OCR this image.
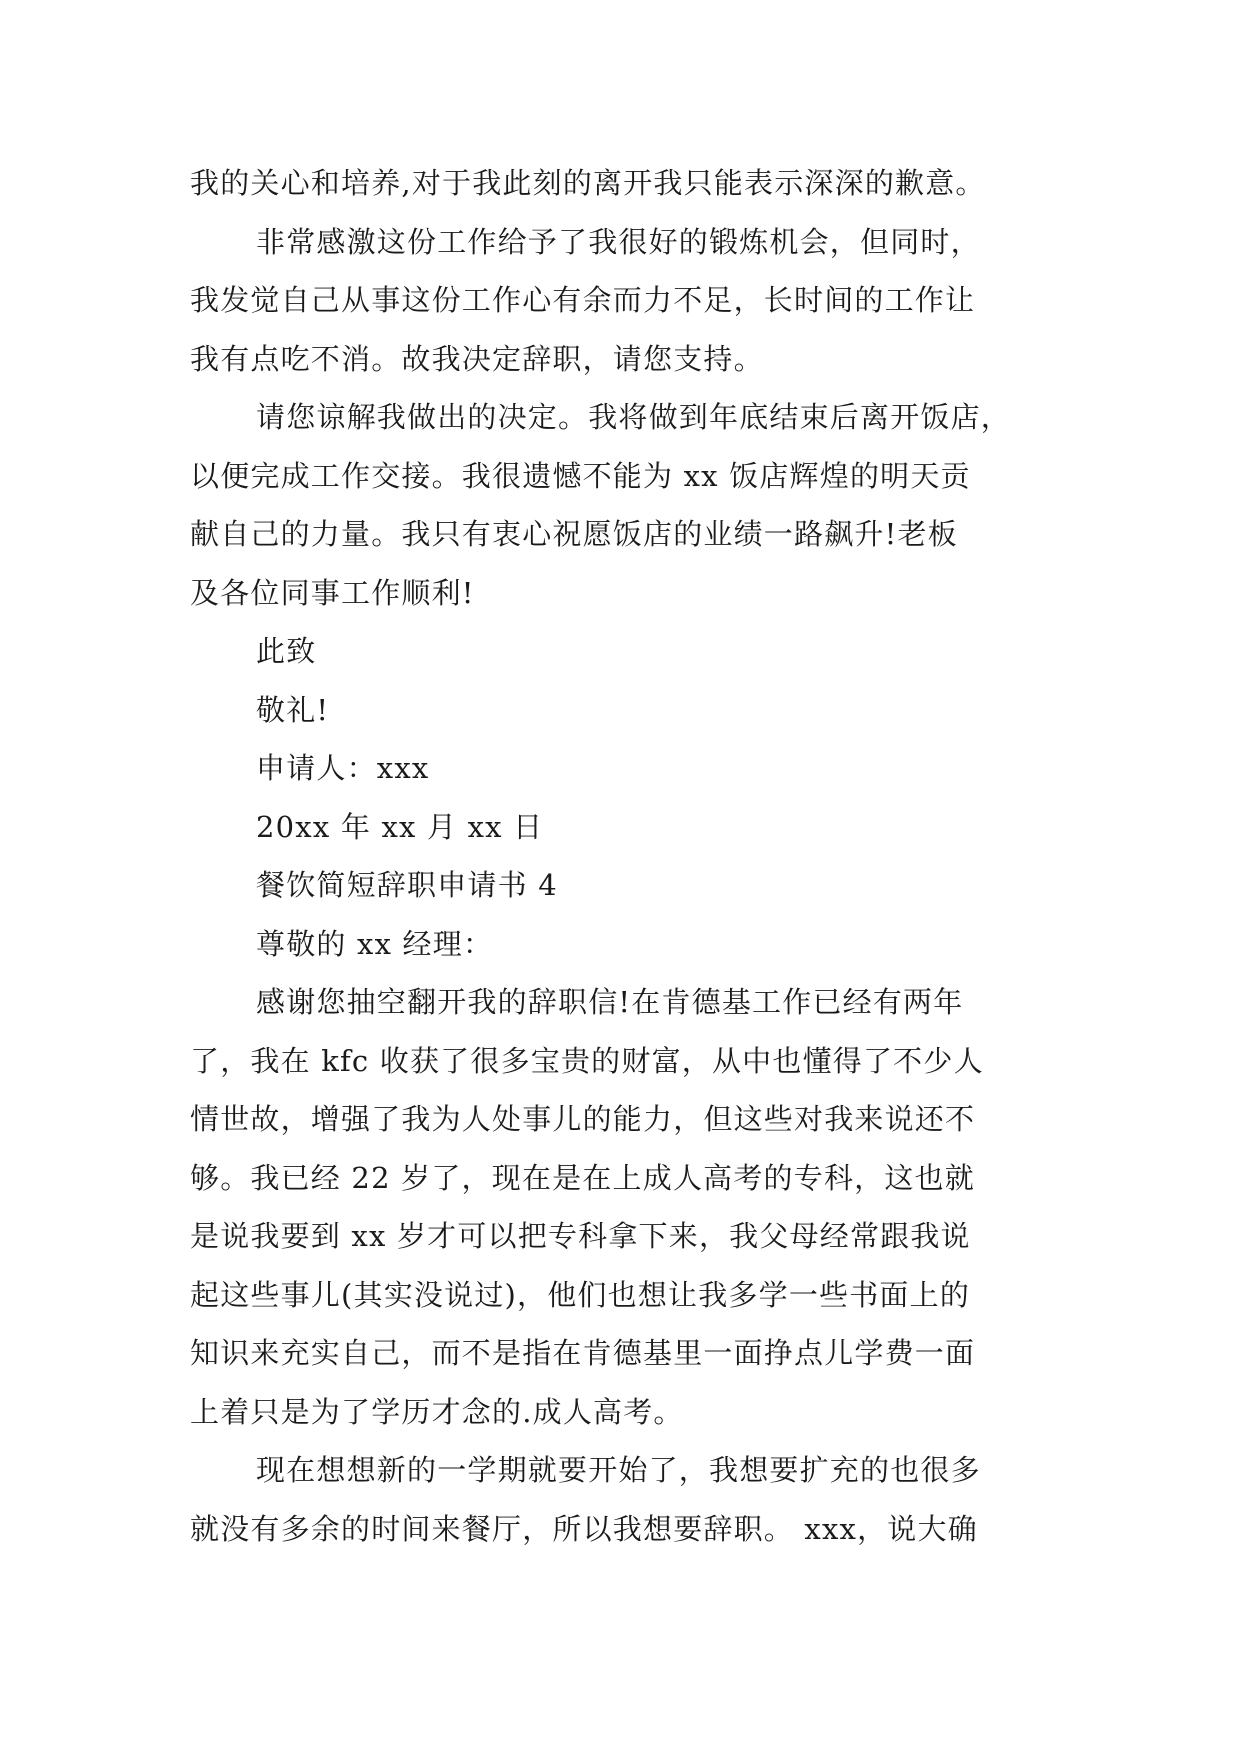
我的关心和培养,对于我此刻的离开我只能表示深深的歉意。
非常感激这份工作给予了我很好的锻炼机会，但同时，
我发觉自己从事这份工作心有余而力不足，长时间的工作让
我有点吃不消。故我决定辞职，请您支持。
请您谅解我做出的决定。我将做到年底结束后离开饭店，
以便完成工作交接。我很遗憾不能为 xx 饭店辉煌的明天贡
献自己的力量。我只有衷心祝愿饭店的业绩一路飙升!老板
及各位同事工作顺利!
此致
敬礼!
申请人：xxx
20xx 年 xx 月 xx 日
餐饮简短辞职申请书 4
尊敬的 xx 经理：
感谢您抽空翻开我的辞职信!在肯德基工作已经有两年
了，我在 kfc 收获了很多宝贵的财富，从中也懂得了不少人
情世故，增强了我为人处事儿的能力，但这些对我来说还不
够。我已经 22 岁了，现在是在上成人高考的专科，这也就
是说我要到 xx 岁才可以把专科拿下来，我父母经常跟我说
起这些事儿(其实没说过)，他们也想让我多学一些书面上的
知识来充实自己，而不是指在肯德基里一面挣点儿学费一面
上着只是为了学历才念的.成人高考。
现在想想新的一学期就要开始了，我想要扩充的也很多
就没有多余的时间来餐厅，所以我想要辞职。 xxx，说大确
